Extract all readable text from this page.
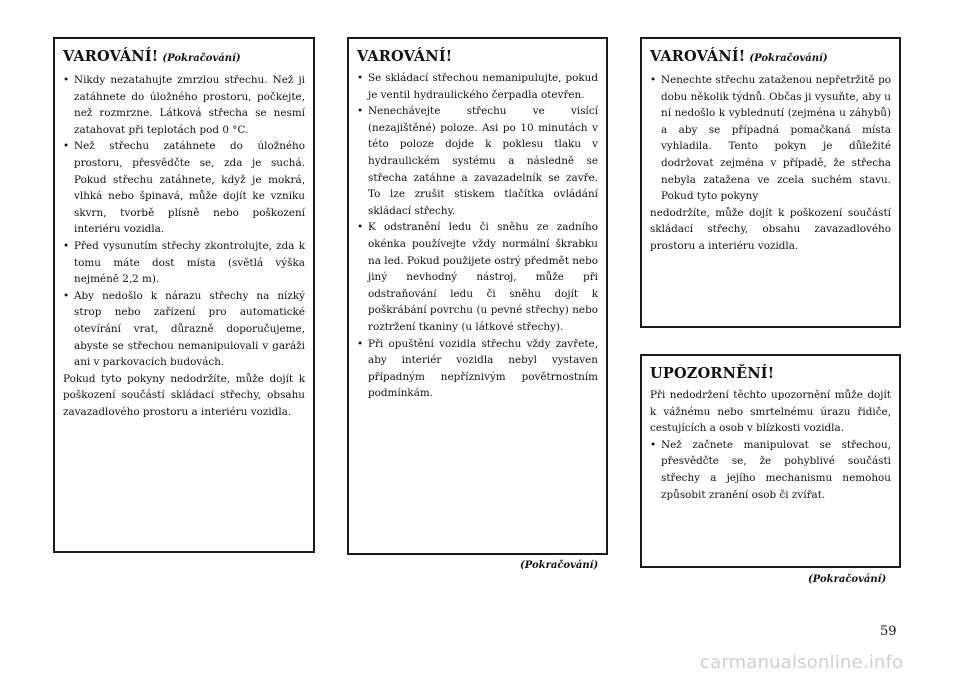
VAROVÁNÍ! (Pokračování)
• Nikdy nezatahujte zmrzlou střechu. Než ji zatáhnete do úložného prostoru, počkejte, než rozmrzne. Látková střecha se nesmí zatahovat při teplotách pod 0 °C.
• Než střechu zatáhnete do úložného prostoru, přesvědčte se, zda je suchá. Pokud střechu zatáhnete, když je mokrá, vlhká nebo špinavá, může dojít ke vzniku skvrn, tvorbě plísně nebo poškození interiéru vozidla.
• Před vysunutím střechy zkontrolujte, zda k tomu máte dost místa (světlá výška nejméně 2,2 m).
• Aby nedošlo k nárazu střechy na nízký strop nebo zařízení pro automatické otevírání vrat, důrazně doporučujeme, abyste se střechou nemanipulovali v garáži ani v parkovacích budovách.

Pokud tyto pokyny nedodržíte, může dojít k poškození součástí skládací střechy, obsahu zavazadlového prostoru a interiéru vozidla.

VAROVÁNÍ!
• Se skládací střechou nemanipulujte, pokud je ventil hydraulického čerpadla otevřen.
• Nenechávejte střechu ve visící (nezajištěné) poloze. Asi po 10 minutách v této poloze dojde k poklesu tlaku v hydraulickém systému a následně se střecha zatáhne a zavazadelník se zavře. To lze zrušit stiskem tlačítka ovládání skládací střechy.
• K odstranění ledu či sněhu ze zadního okénka používejte vždy normální škrabku na led. Pokud použijete ostrý předmět nebo jiný nevhodný nástroj, může při odstraňování ledu či sněhu dojít k poškrábání povrchu (u pevné střechy) nebo roztržení tkaniny (u látkové střechy).
• Při opuštění vozidla střechu vždy zavřete, aby interiér vozidla nebyl vystaven případným nepříznivým povětrnostním podmínkám.
(Pokračování)
VAROVÁNÍ! (Pokračování)
• Nenechte střechu zataženou nepřetržitě po dobu několik týdnů. Občas ji vysuňte, aby u ní nedošlo k vyblednutí (zejména u záhybů) a aby se případná pomačkaná místa vyhladila. Tento pokyn je důležité dodržovat zejména v případě, že střecha nebyla zatažena ve zcela suchém stavu. Pokud tyto pokyny

nedodržíte, může dojít k poškození součástí skládací střechy, obsahu zavazadlového prostoru a interiéru vozidla.

UPOZORNĚNÍ!

Při nedodržení těchto upozornění může dojít k vážnému nebo smrtelnému úrazu řidiče, cestujících a osob v blízkosti vozidla.

• Než začnete manipulovat se střechou, přesvědčte se, že pohyblivé součásti střechy a jejího mechanismu nemohou způsobit zranění osob či zvířat.
(Pokračování)
59
carmanualsonline.info
